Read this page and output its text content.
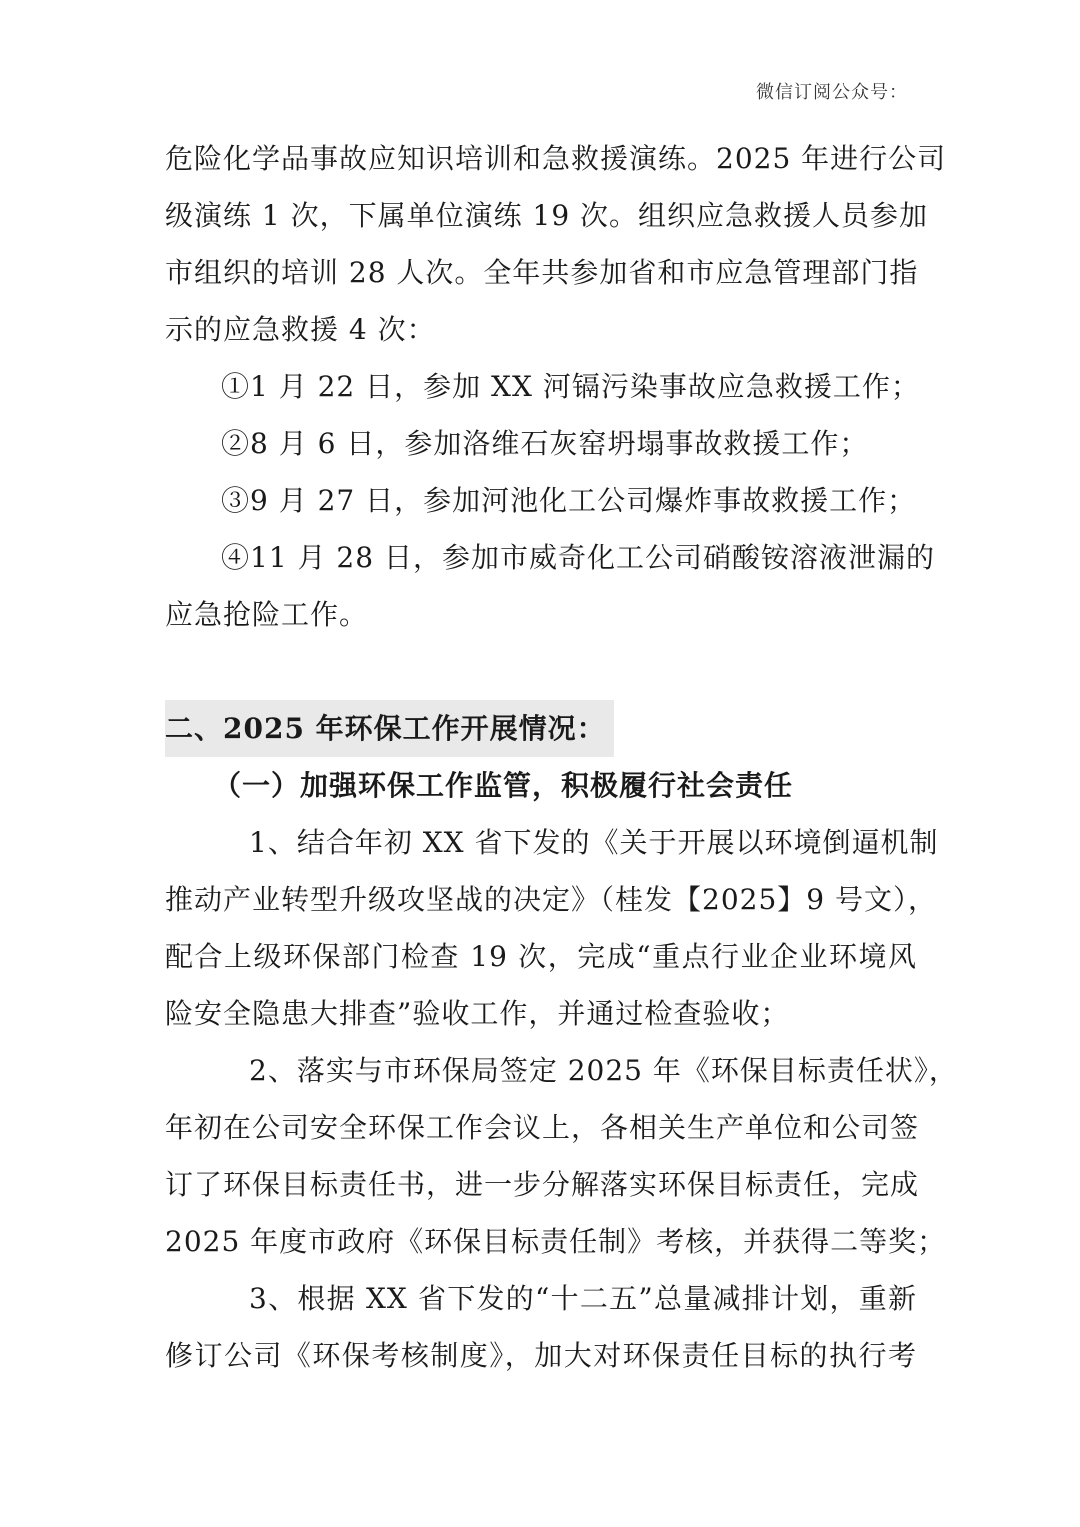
微信订阅公众号：
危险化学品事故应知识培训和急救援演练。2025 年进行公司
级演练 1 次，下属单位演练 19 次。组织应急救援人员参加
市组织的培训 28 人次。全年共参加省和市应急管理部门指
示的应急救援 4 次：
①1 月 22 日，参加 XX 河镉污染事故应急救援工作；
②8 月 6 日，参加洛维石灰窑坍塌事故救援工作；
③9 月 27 日，参加河池化工公司爆炸事故救援工作；
④11 月 28 日，参加市威奇化工公司硝酸铵溶液泄漏的
应急抢险工作。
二、2025 年环保工作开展情况：
（一）加强环保工作监管，积极履行社会责任
1、结合年初 XX 省下发的《关于开展以环境倒逼机制
推动产业转型升级攻坚战的决定》（桂发【2025】9 号文），
配合上级环保部门检查 19 次，完成“重点行业企业环境风
险安全隐患大排查”验收工作，并通过检查验收；
2、落实与市环保局签定 2025 年《环保目标责任状》，
年初在公司安全环保工作会议上，各相关生产单位和公司签
订了环保目标责任书，进一步分解落实环保目标责任，完成
2025 年度市政府《环保目标责任制》考核，并获得二等奖；
3、根据 XX 省下发的“十二五”总量减排计划，重新
修订公司《环保考核制度》，加大对环保责任目标的执行考
